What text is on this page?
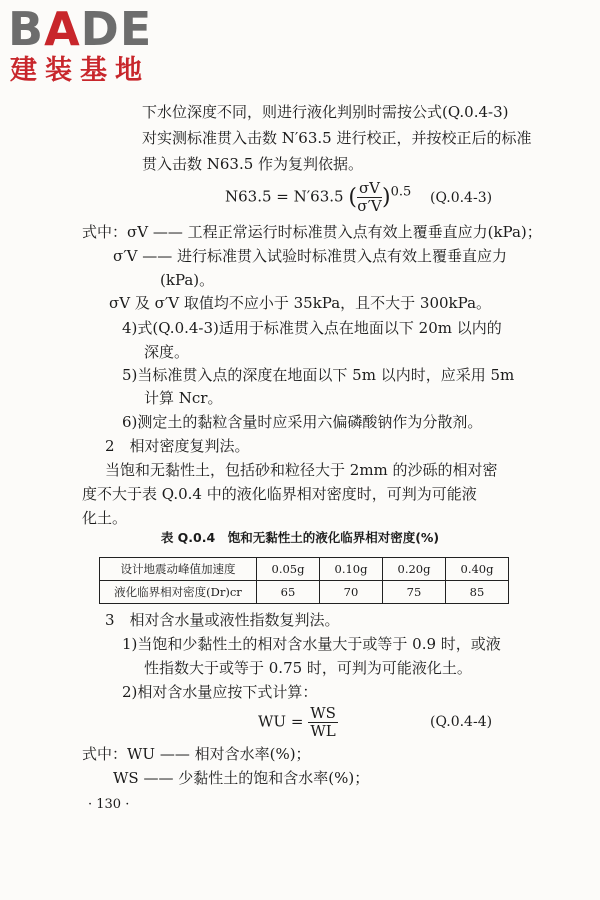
BADE
建装基地
下水位深度不同，则进行液化判别时需按公式(Q.0.4-3)
对实测标准贯入击数 N′63.5 进行校正，并按校正后的标准
贯入击数 N63.5 作为复判依据。
N63.5 = N′63.5 ( $\frac{\sigma V}{\sigma'V} )^{0.5}$ (Q.0.4-3)
式中：σV —— 工程正常运行时标准贯入点有效上覆垂直应力(kPa)；
σ′V —— 进行标准贯入试验时标准贯入点有效上覆垂直应力
(kPa)。
σV 及 σ′V 取值均不应小于 35kPa，且不大于 300kPa。
4)式(Q.0.4-3)适用于标准贯入点在地面以下 20m 以内的
深度。
5)当标准贯入点的深度在地面以下 5m 以内时，应采用 5m
计算 Ncr。
6)测定土的黏粒含量时应采用六偏磷酸钠作为分散剂。
2　相对密度复判法。
当饱和无黏性土，包括砂和粒径大于 2mm 的沙砾的相对密
度不大于表 Q.0.4 中的液化临界相对密度时，可判为可能液
化土。
表 Q.0.4　饱和无黏性土的液化临界相对密度(%)
设计地震动峰值加速度	0.05g	0.10g	0.20g	0.40g
液化临界相对密度(Dr)cr	65	70	75	85
3　相对含水量或液性指数复判法。
1)当饱和少黏性土的相对含水量大于或等于 0.9 时，或液
性指数大于或等于 0.75 时，可判为可能液化土。
2)相对含水量应按下式计算：
WU = $\frac{WS}{WL}$	(Q.0.4-4)
式中：WU —— 相对含水率(%)；
WS —— 少黏性土的饱和含水率(%)；
· 130 ·
